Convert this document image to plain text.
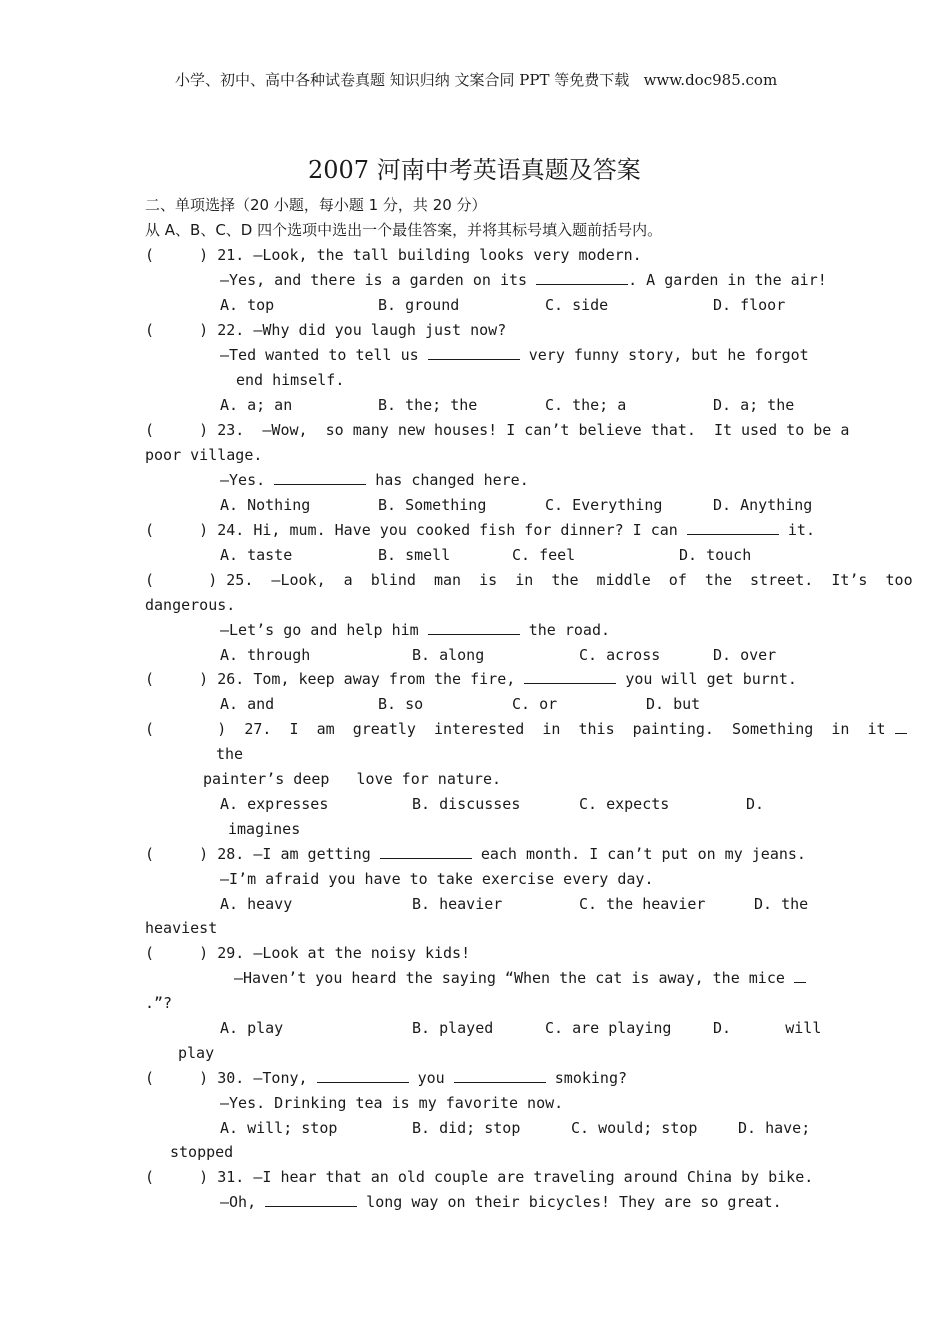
小学、初中、高中各种试卷真题 知识归纳 文案合同 PPT 等免费下载   www.doc985.com
2007 河南中考英语真题及答案
二、单项选择（20 小题，每小题 1 分，共 20 分）
从 A、B、C、D 四个选项中选出一个最佳答案，并将其标号填入题前括号内。
(     ) 21. —Look, the tall building looks very modern.
—Yes, and there is a garden on its	. A garden in the air!
A. top	B. ground	C. side	D. floor
(     ) 22. —Why did you laugh just now?
—Ted wanted to tell us	very funny story, but he forgot
end himself.
A. a; an	B. the; the	C. the; a	D. a; the
(     ) 23.  —Wow,  so many new houses! I can’t believe that.  It used to be a
poor village.
—Yes.	has changed here.
A. Nothing	B. Something	C. Everything	D. Anything
(     ) 24. Hi, mum. Have you cooked fish for dinner? I can	it.
A. taste	B. smell	C. feel	D. touch
(      ) 25.  —Look,  a  blind  man  is  in  the  middle  of  the  street.  It’s  too
dangerous.
—Let’s go and help him	the road.
A. through	B. along	C. across	D. over
(     ) 26. Tom, keep away from the fire,	you will get burnt.
A. and	B. so	C. or	D. but
(       )  27.  I  am  greatly  interested  in  this  painting.  Something  in  it
the
painter’s deep   love for nature.
A. expresses	B. discusses	C. expects	D.
imagines
(     ) 28. —I am getting	each month. I can’t put on my jeans.
—I’m afraid you have to take exercise every day.
A. heavy	B. heavier	C. the heavier	D. the
heaviest
(     ) 29. —Look at the noisy kids!
—Haven’t you heard the saying “When the cat is away, the mice
.”?
A. play	B. played	C. are playing	D.      will
play
(     ) 30. —Tony,	you	smoking?
—Yes. Drinking tea is my favorite now.
A. will; stop	B. did; stop	C. would; stop	D. have;
stopped
(     ) 31. —I hear that an old couple are traveling around China by bike.
—Oh,	long way on their bicycles! They are so great.
